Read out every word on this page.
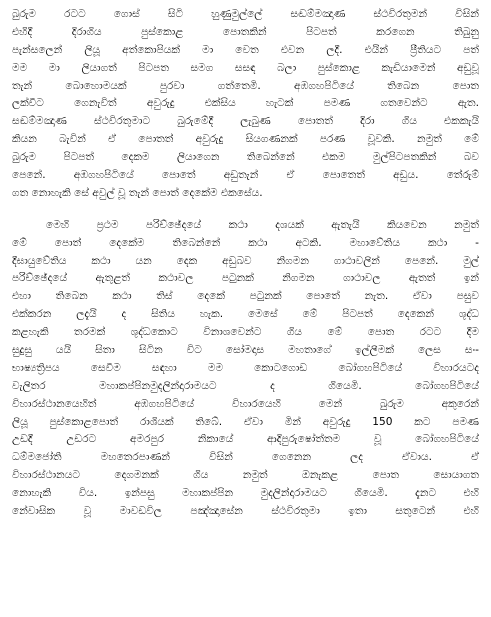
බුරුම රටට ගොස් සිටි හුණුමුල්ලේ සඬම්මඤාණ ස්ථවිරතුමන් විසින්
එහිදී දිරාගිය පුස්කොළ පොතකින් පිටපත් කරගෙන තිබුනු
පැන්සලෙන් ලියූ අත්කොපියක් මා වෙත එවන ලදී. එයින් ප්‍රීතියට පත්
මම මා ලියාගත් පිටපත සමග සසඳ බලා පුස්කොළ කැඩියාමෙන් අඩුවූ
තැන් බොහොමයක් පුරවා ගත්තෙමි. අඹගහපිටියේ තිබෙන පොත
ලක්වීට ගෙනැවිත් අවුරුදු එක්සිය හැටක් පමණ ගතවෙන්ට ඇත.
සඬම්මඤාණ ස්ථවිරතුමාට බුරුමේදී ලැබුණ පොතත් දිරා ගිය එකකැයි
කියන බැවින් ඒ පොතත් අවුරුදු සියගණනක් පරණ වූවකි. නමුත් මේ
බුරුම පිටපත් දෙකම ලියාගෙන තිබෙන්නේ එකම මුල්පිටපතකින් බව
පෙනේ. අඹගහපිටියේ පොතේ අඩුතැන් ඒ පොතෙත් අඩුය. තේරුම්
ගත නොහැකි සේ අවුල් වූ තැන් පොත් දෙකේම එකසේය.
මෙහි ප්‍රථම පරිච්ඡේදයේ කථා දශයක් ඇතැයි කියවෙන නමුත්
මේ පොත් දෙකේම තිබෙන්නේ කථා අටකි. මහාවේතිය කථා -
දීඝායුවේතිය කථා යන දෙක අඩුබව නිගමන ගාථාවලින් පෙනේ. මුල්
පරිච්ඡේදයේ ඇතුළත් කථාවල පටුනක් නිගමන ගාථාවල ඇතත් ඉන්
එහා තිබෙන කථා තිස් දෙකේ පටුනක් පොතේ නැත. ඒවා පසුව
එක්කරන ලදැයි ද සිතිය හැක. මෙසේ මේ පිටපත් දෙකෙන් ශුද්ධ
කළහැකි තරමක් ශුද්ධකොට විනාශවෙන්ට ගිය මේ පොත රටට දීම
සුදුසු යයි සිතා සිටින විට සෝමදාස මහතාගේ ඉල්ලීමක් ලෙස සං-
භාෂ්‍යත්‍රිපය සෙවීම සඳහා මම කොටගොඩ බෝගහපිටියේ විහාරයටද
වැලිතර මහාකප්පිනමුදලින්දාරාමයට ද ගියෙමි. බෝගහපිටියේ
විහාරස්ථානයෙහිත් අඹගහපිටියේ විහාරයෙහි මෙන් බුරුම අකුරෙන්
ලියූ පුස්කොළපොත් රාශියක් තිබේ. ඒවා මින් අවුරුදු 150 කට පමණ
උඩදී උඩරට අමරපුර නිකායේ ආදිපුරුෂෝත්තම වූ බෝගහපිටියේ
ධම්මජෝති මහතෙරපාණන් විසින් ගෙනෙන ලද ඒවාය. ඒ
විහාරස්ථානයට දෙගමනක් ගිය නමුත් ඔනැකළ පොත සොයාගත
නොහැකි විය. ඉන්පසු මහාකප්පින මුදලින්දාරාමයට ගියෙමි. දැනට එහි
නේවාසික වූ මාවඩවිල පඤ්ඤාසේන ස්ථවිරතුමා ඉතා සතුටෙන් එහි
